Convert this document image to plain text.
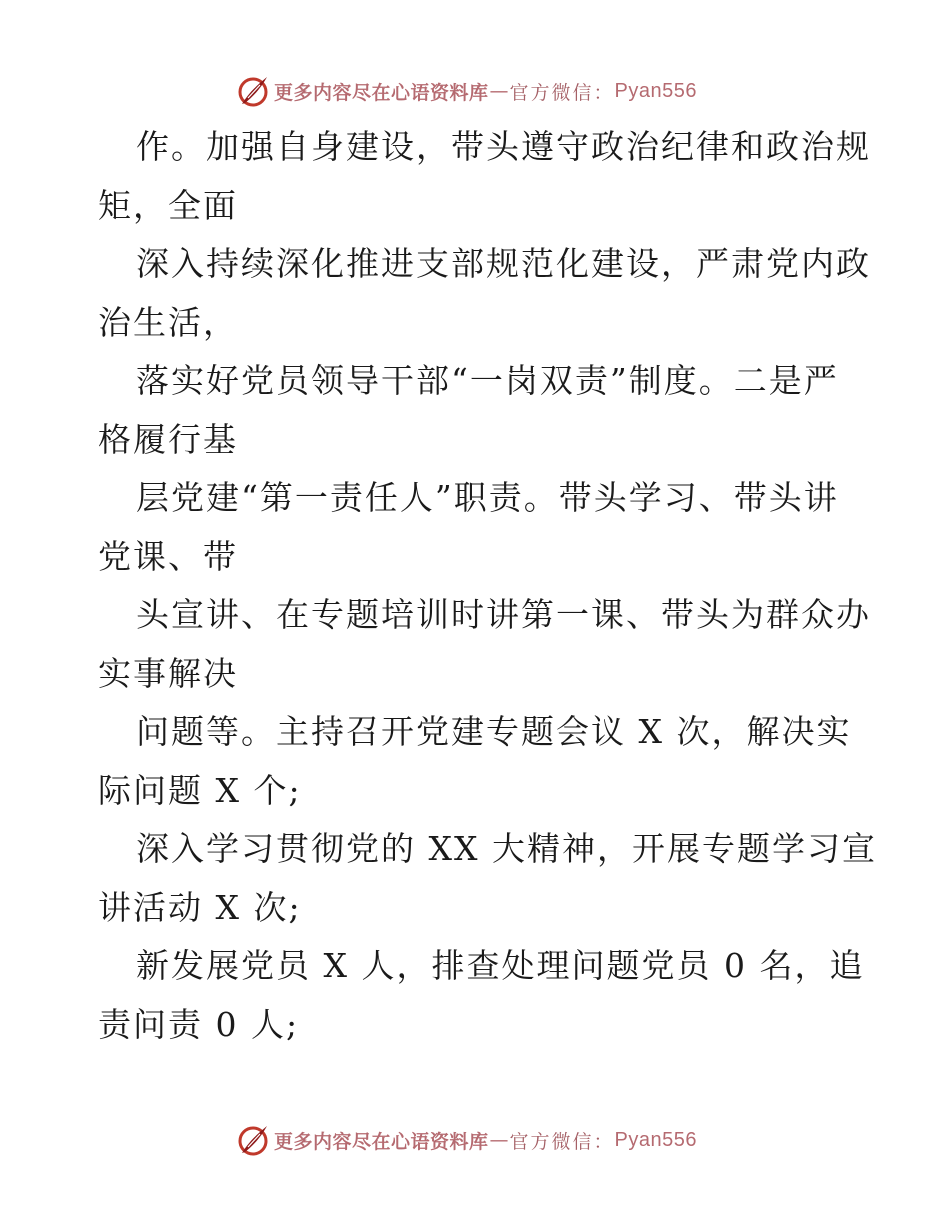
更多内容尽在心语资料库 — 官方微信： Pyan556
作。加强自身建设，带头遵守政治纪律和政治规
矩，全面
深入持续深化推进支部规范化建设，严肃党内政
治生活，
落实好党员领导干部“一岗双责”制度。二是严
格履行基
层党建“第一责任人”职责。带头学习、带头讲
党课、带
头宣讲、在专题培训时讲第一课、带头为群众办
实事解决
问题等。主持召开党建专题会议 X 次，解决实
际问题 X 个;
深入学习贯彻党的 XX 大精神，开展专题学习宣
讲活动 X 次;
新发展党员 X 人，排查处理问题党员 0 名，追
责问责 0 人;
更多内容尽在心语资料库 — 官方微信： Pyan556
